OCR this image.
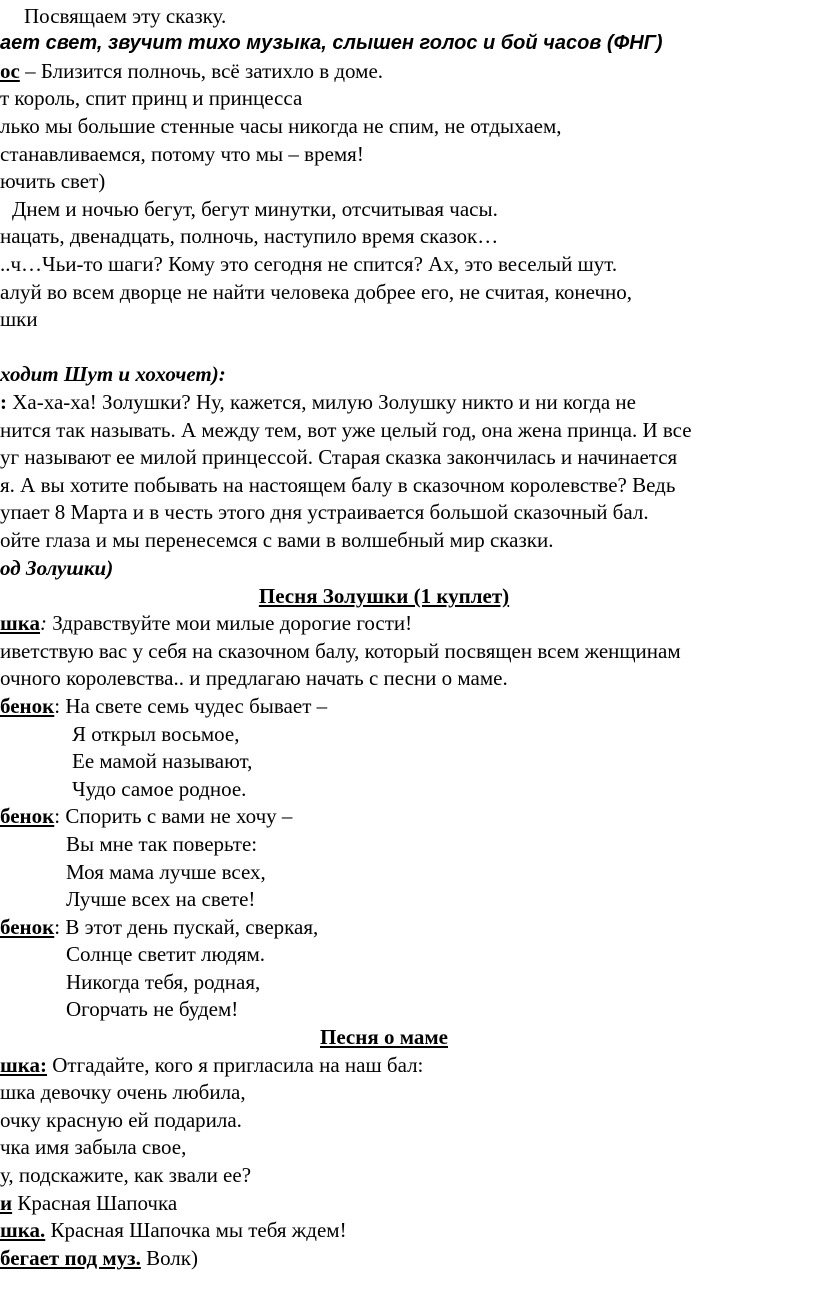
Посвящаем эту сказку.
ает свет, звучит тихо музыка, слышен голос и бой часов (ФНГ)
ос – Близится полночь, всё затихло в доме.
т король, спит принц и принцесса
лько мы большие стенные часы никогда не спим, не отдыхаем,
станавливаемся, потому что мы – время!
ючить свет)
Днем и ночью бегут, бегут минутки, отсчитывая часы.
нацать, двенадцать, полночь, наступило время сказок…
..ч…Чьи-то шаги? Кому это сегодня не спится? Ах, это веселый шут.
алуй во всем дворце не найти человека добрее его, не считая, конечно,
шки
ходит Шут и хохочет):
: Ха-ха-ха! Золушки? Ну, кажется, милую Золушку никто и ни когда не
нится так называть. А между тем, вот уже целый год, она жена принца. И все
уг называют ее милой принцессой. Старая сказка закончилась и начинается
я. А вы хотите побывать на настоящем балу в сказочном королевстве? Ведь
упает 8 Марта и в честь этого дня устраивается большой сказочный бал.
ойте глаза и мы перенесемся с вами в волшебный мир сказки.
од Золушки)
Песня Золушки (1 куплет)
шка: Здравствуйте мои милые дорогие гости!
иветствую вас у себя на сказочном балу, который посвящен всем женщинам
очного королевства.. и предлагаю начать с песни о маме.
бенок: На свете семь чудес бывает –
Я открыл восьмое,
Ее мамой называют,
Чудо самое родное.
бенок: Спорить с вами не хочу –
Вы мне так поверьте:
Моя мама лучше всех,
Лучше всех на свете!
бенок: В этот день пускай, сверкая,
Солнце светит людям.
Никогда тебя, родная,
Огорчать не будем!
Песня о маме
шка: Отгадайте, кого я пригласила на наш бал:
шка девочку очень любила,
очку красную ей подарила.
чка имя забыла свое,
у, подскажите, как звали ее?
и Красная Шапочка
шка. Красная Шапочка мы тебя ждем!
бегает под муз. Волк)
